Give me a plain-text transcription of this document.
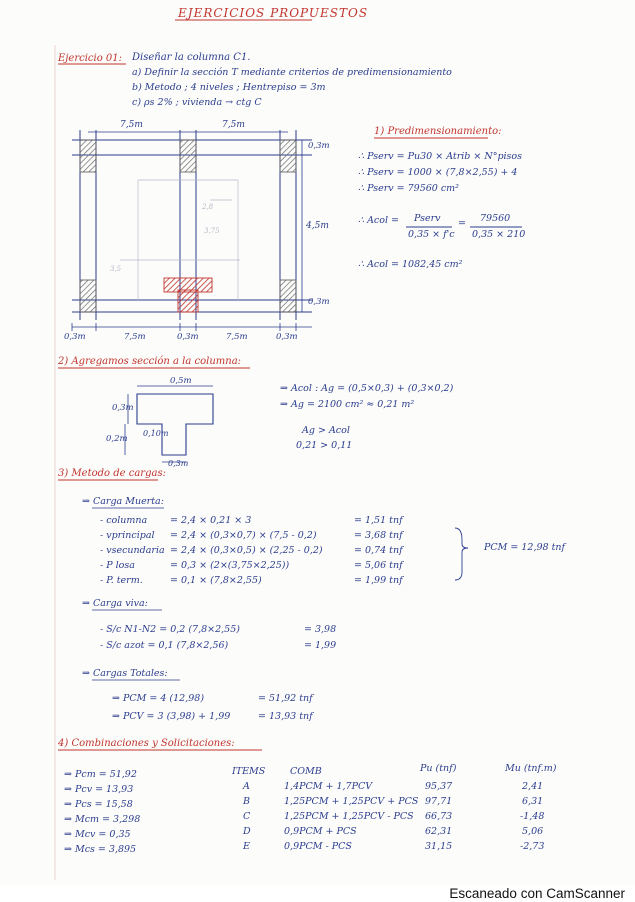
EJERCICIOS PROPUESTOS
Ejercicio 01: Diseñar la columna C1.
a) Definir la sección T mediante criterios de predimensionamiento
b) Metodo ; 4 niveles ; Hentrepiso = 3m
c) ρs 2% ; vivienda → ctg C
7,5m	7,5m
0,3m	7,5m	0,3m	7,5m	0,3m
0,3m
4,5m
0,3m
2,8
3,75
3,5
1) Predimensionamiento:
∴ Pserv = Pu30 × Atrib × N°pisos
∴ Pserv = 1000 × (7,8×2,55) + 4
∴ Pserv = 79560 cm²
∴ Acol = Pserv
0,35 × f'c
= 79560
0,35 × 210
∴ Acol = 1082,45 cm²
2) Agregamos sección a la columna:
0,5m
0,3m
0,10m
0,2m
0,3m
⇒ Acol : Ag = (0,5×0,3) + (0,3×0,2)
⇒ Ag = 2100 cm² ≈ 0,21 m²
Ag > Acol
0,21 > 0,11
3) Metodo de cargas:
⇒ Carga Muerta:
- columna = 2,4 × 0,21 × 3	= 1,51 tnf
- vprincipal = 2,4 × (0,3×0,7) × (7,5 - 0,2)	= 3,68 tnf
- vsecundaria = 2,4 × (0,3×0,5) × (2,25 - 0,2)	= 0,74 tnf
- P losa	= 0,3 × (2×(3,75×2,25))	= 5,06 tnf
- P. term.	= 0,1 × (7,8×2,55)	= 1,99 tnf
PCM = 12,98 tnf
⇒ Carga viva:
- S/c N1-N2 = 0,2 (7,8×2,55)	= 3,98
- S/c azot = 0,1 (7,8×2,56)	= 1,99
⇒ Cargas Totales:
⇒ PCM = 4 (12,98)	= 51,92 tnf
⇒ PCV = 3 (3,98) + 1,99	= 13,93 tnf
4) Combinaciones y Solicitaciones:
⇒ Pcm = 51,92
⇒ Pcv = 13,93
⇒ Pcs = 15,58
⇒ Mcm = 3,298
⇒ Mcv = 0,35
⇒ Mcs = 3,895
ITEMS	COMB	Pu (tnf)	Mu (tnf.m)
A	1,4PCM + 1,7PCV	95,37	2,41
B	1,25PCM + 1,25PCV + PCS 97,71	6,31
C	1,25PCM + 1,25PCV - PCS 66,73	-1,48
D	0,9PCM + PCS	62,31	5,06
E	0,9PCM - PCS	31,15	-2,73
Escaneado con CamScanner
